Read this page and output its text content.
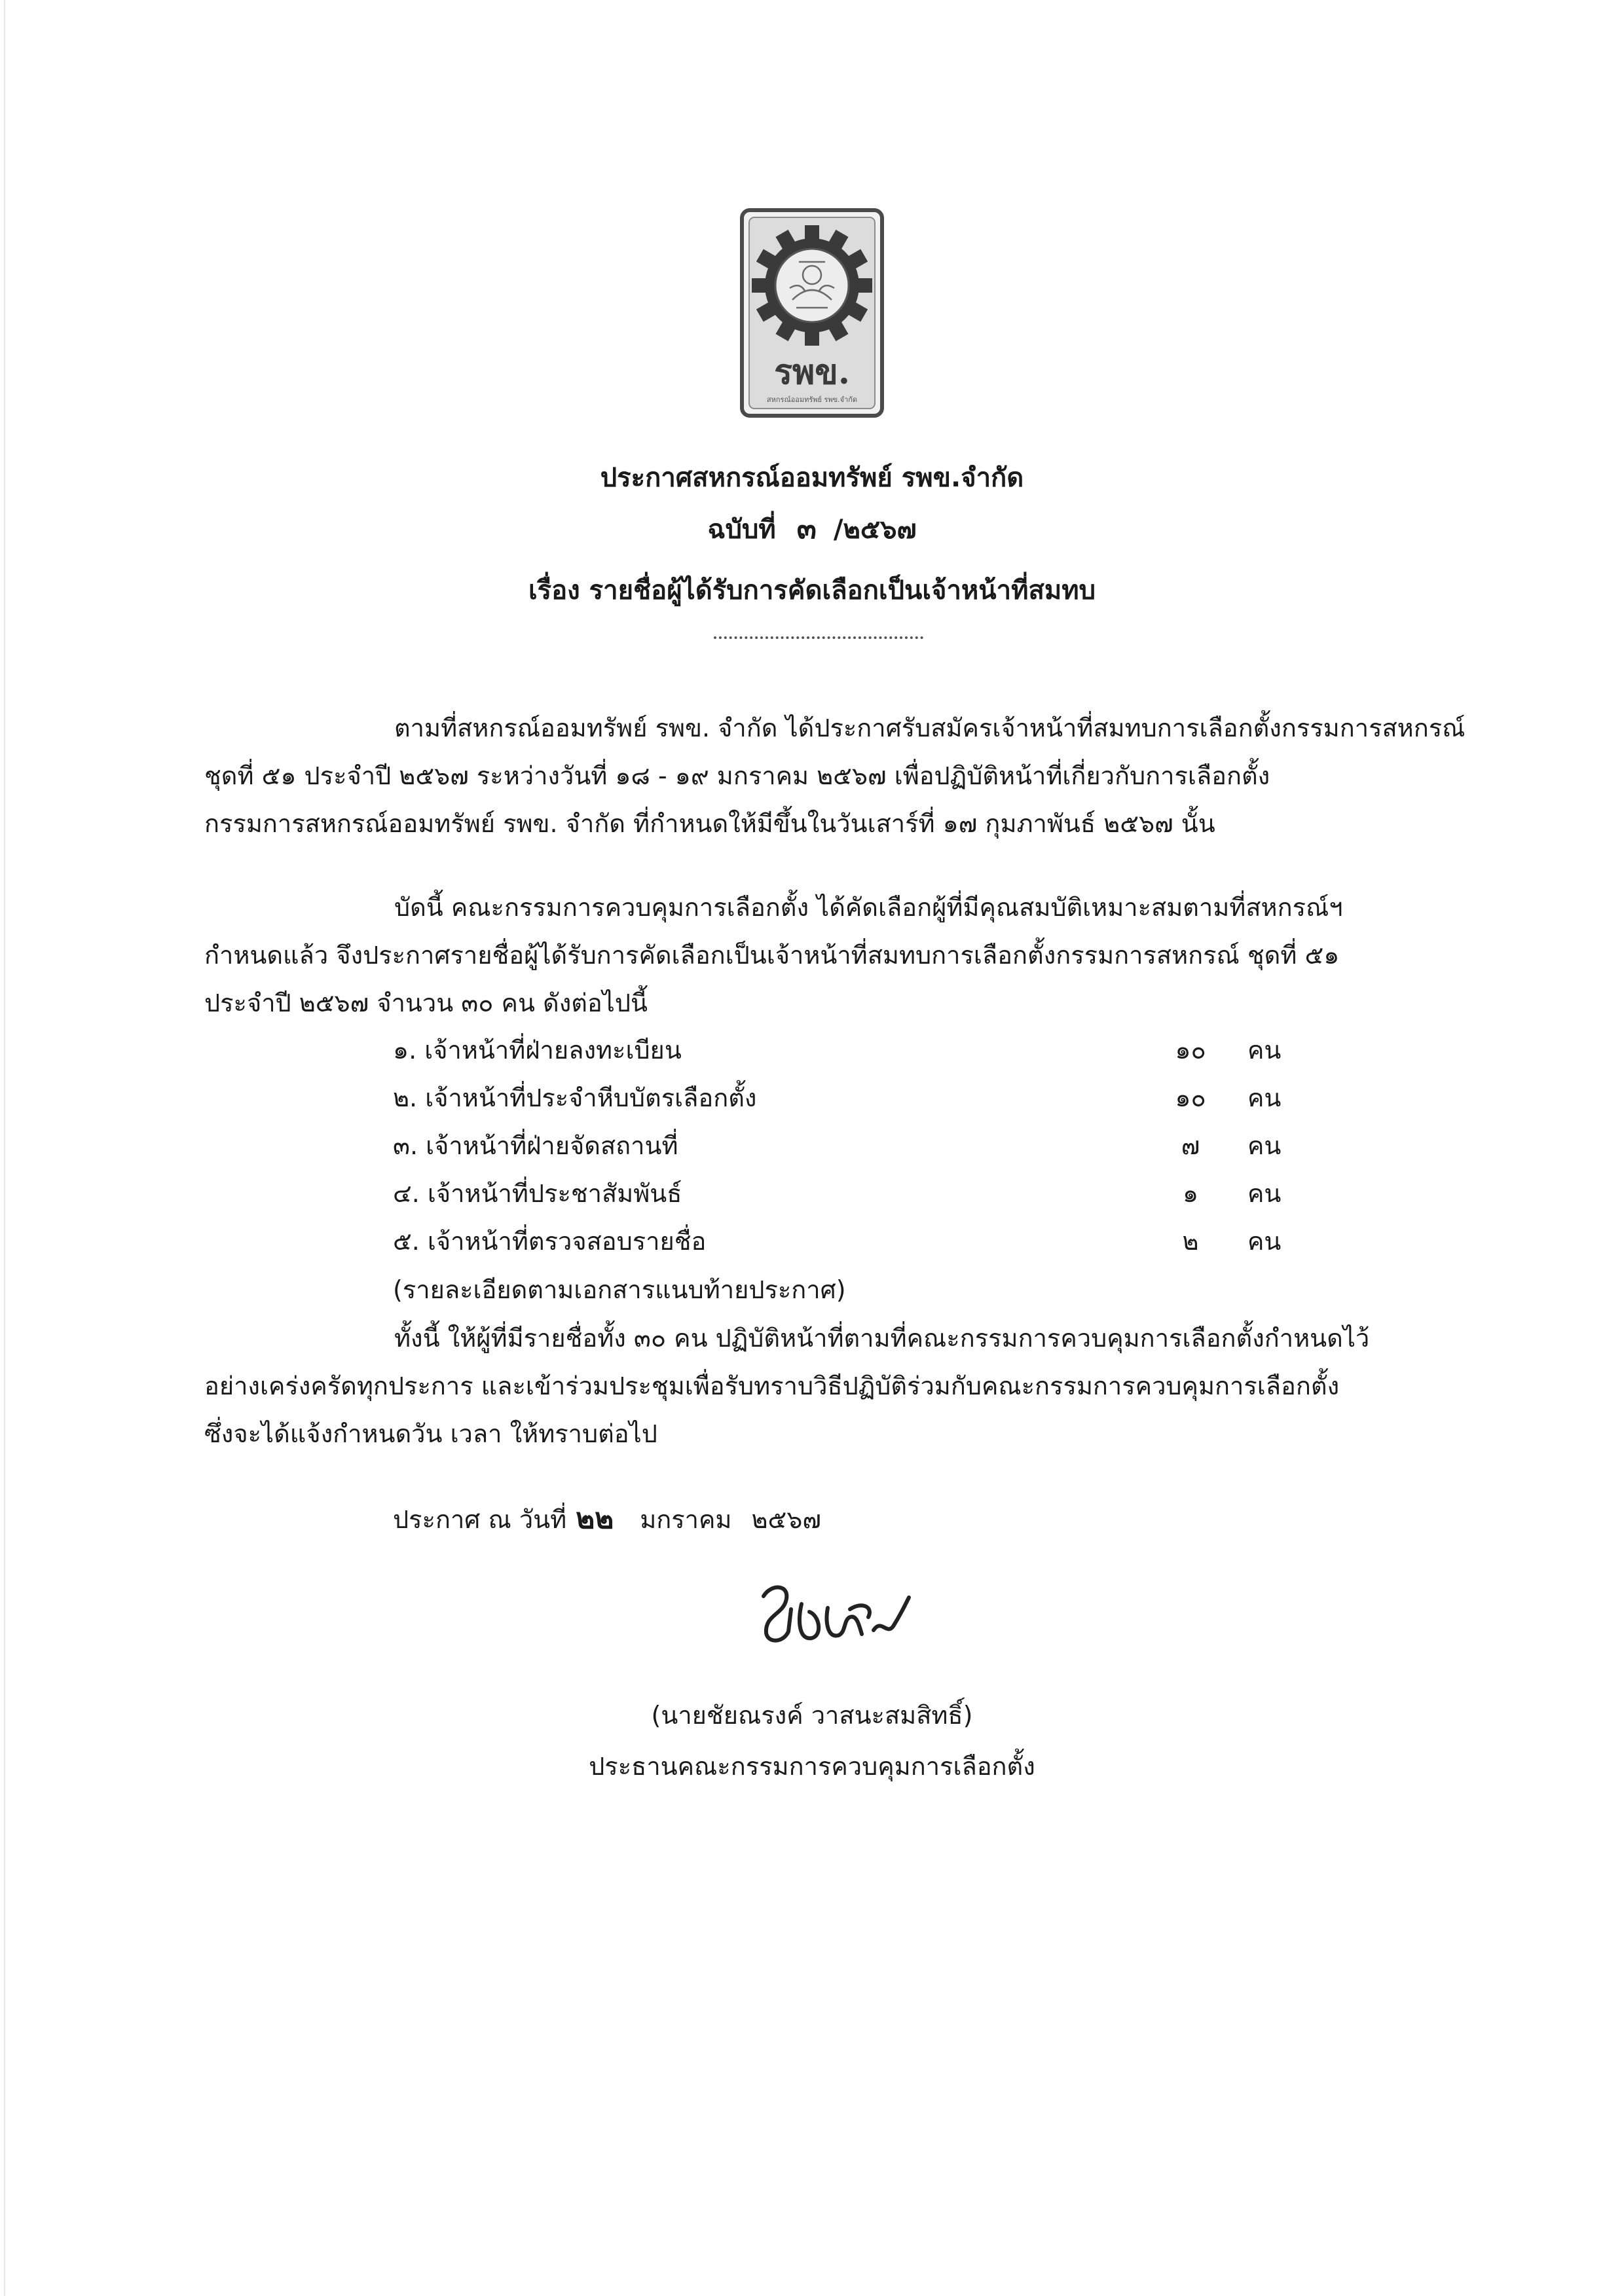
รพข.
สหกรณ์ออมทรัพย์ รพข.จำกัด
ประกาศสหกรณ์ออมทรัพย์ รพข.จำกัด
ฉบับที่ ๓ /๒๕๖๗
เรื่อง รายชื่อผู้ได้รับการคัดเลือกเป็นเจ้าหน้าที่สมทบ
ตามที่สหกรณ์ออมทรัพย์ รพข. จำกัด ได้ประกาศรับสมัครเจ้าหน้าที่สมทบการเลือกตั้งกรรมการสหกรณ์
ชุดที่ ๕๑ ประจำปี ๒๕๖๗ ระหว่างวันที่ ๑๘ - ๑๙ มกราคม ๒๕๖๗ เพื่อปฏิบัติหน้าที่เกี่ยวกับการเลือกตั้ง
กรรมการสหกรณ์ออมทรัพย์ รพข. จำกัด ที่กำหนดให้มีขึ้นในวันเสาร์ที่ ๑๗ กุมภาพันธ์ ๒๕๖๗ นั้น
บัดนี้ คณะกรรมการควบคุมการเลือกตั้ง ได้คัดเลือกผู้ที่มีคุณสมบัติเหมาะสมตามที่สหกรณ์ฯ
กำหนดแล้ว จึงประกาศรายชื่อผู้ได้รับการคัดเลือกเป็นเจ้าหน้าที่สมทบการเลือกตั้งกรรมการสหกรณ์ ชุดที่ ๕๑
ประจำปี ๒๕๖๗ จำนวน ๓๐ คน ดังต่อไปนี้
๑. เจ้าหน้าที่ฝ่ายลงทะเบียน	๑๐	คน
๒. เจ้าหน้าที่ประจำหีบบัตรเลือกตั้ง	๑๐	คน
๓. เจ้าหน้าที่ฝ่ายจัดสถานที่	๗	คน
๔. เจ้าหน้าที่ประชาสัมพันธ์	๑	คน
๕. เจ้าหน้าที่ตรวจสอบรายชื่อ	๒	คน
(รายละเอียดตามเอกสารแนบท้ายประกาศ)
ทั้งนี้ ให้ผู้ที่มีรายชื่อทั้ง ๓๐ คน ปฏิบัติหน้าที่ตามที่คณะกรรมการควบคุมการเลือกตั้งกำหนดไว้
อย่างเคร่งครัดทุกประการ และเข้าร่วมประชุมเพื่อรับทราบวิธีปฏิบัติร่วมกับคณะกรรมการควบคุมการเลือกตั้ง
ซึ่งจะได้แจ้งกำหนดวัน เวลา ให้ทราบต่อไป
ประกาศ ณ วันที่ ๒๒ มกราคม ๒๕๖๗
(นายชัยณรงค์ วาสนะสมสิทธิ์)
ประธานคณะกรรมการควบคุมการเลือกตั้ง
